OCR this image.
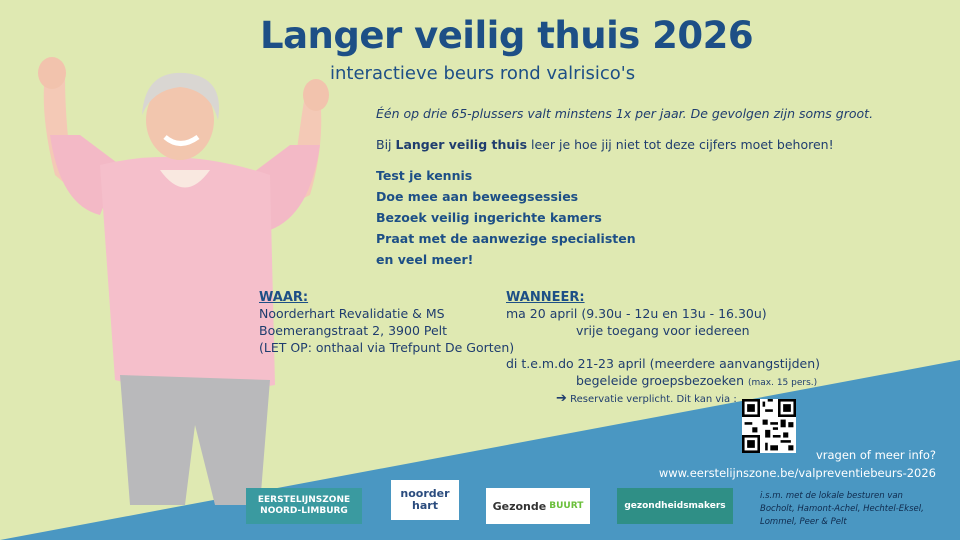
Langer veilig thuis 2026
interactieve beurs rond valrisico's
Één op drie 65-plussers valt minstens 1x per jaar. De gevolgen zijn soms groot.
Bij Langer veilig thuis leer je hoe jij niet tot deze cijfers moet behoren!
Test je kennis
Doe mee aan beweegsessies
Bezoek veilig ingerichte kamers
Praat met de aanwezige specialisten
en veel meer!
WAAR:
Noorderhart Revalidatie & MS
Boemerangstraat 2, 3900 Pelt
(LET OP: onthaal via Trefpunt De Gorten)
WANNEER:
ma 20 april (9.30u - 12u en 13u - 16.30u)
vrije toegang voor iedereen
di t.e.m.do 21-23 april (meerdere aanvangstijden)
begeleide groepsbezoeken (max. 15 pers.)
➔ Reservatie verplicht. Dit kan via :
vragen of meer info?
www.eerstelijnszone.be/valpreventiebeurs-2026
EERSTELIJNSZONE
NOORD-LIMBURG
noorder
hart	Gezonde BUURT	gezondheidsmakers
i.s.m. met de lokale besturen van
Bocholt, Hamont-Achel, Hechtel-Eksel,
Lommel, Peer & Pelt
